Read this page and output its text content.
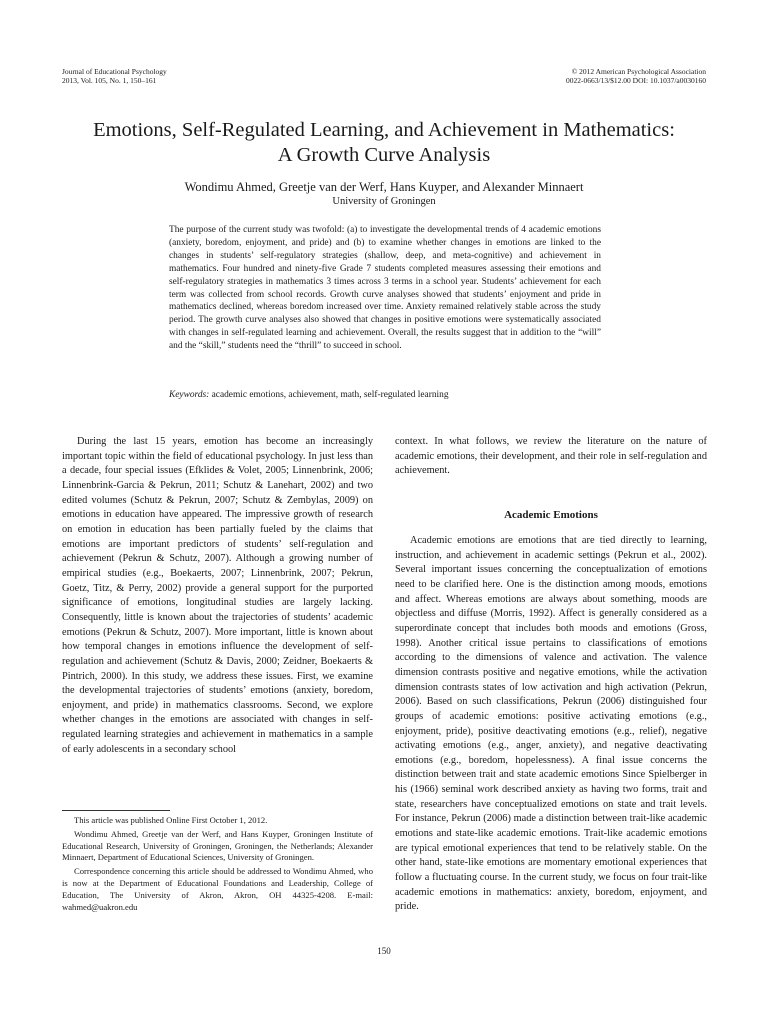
Journal of Educational Psychology
2013, Vol. 105, No. 1, 150–161
© 2012 American Psychological Association
0022-0663/13/$12.00 DOI: 10.1037/a0030160
Emotions, Self-Regulated Learning, and Achievement in Mathematics:
A Growth Curve Analysis
Wondimu Ahmed, Greetje van der Werf, Hans Kuyper, and Alexander Minnaert
University of Groningen
The purpose of the current study was twofold: (a) to investigate the developmental trends of 4 academic emotions (anxiety, boredom, enjoyment, and pride) and (b) to examine whether changes in emotions are linked to the changes in students’ self-regulatory strategies (shallow, deep, and meta-cognitive) and achievement in mathematics. Four hundred and ninety-five Grade 7 students completed measures assessing their emotions and self-regulatory strategies in mathematics 3 times across 3 terms in a school year. Students’ achievement for each term was collected from school records. Growth curve analyses showed that students’ enjoyment and pride in mathematics declined, whereas boredom increased over time. Anxiety remained relatively stable across the study period. The growth curve analyses also showed that changes in positive emotions were systematically associated with changes in self-regulated learning and achievement. Overall, the results suggest that in addition to the “will” and the “skill,” students need the “thrill” to succeed in school.
Keywords: academic emotions, achievement, math, self-regulated learning

During the last 15 years, emotion has become an increasingly important topic within the field of educational psychology. In just less than a decade, four special issues (Efklides & Volet, 2005; Linnenbrink, 2006; Linnenbrink-Garcia & Pekrun, 2011; Schutz & Lanehart, 2002) and two edited volumes (Schutz & Pekrun, 2007; Schutz & Zembylas, 2009) on emotions in education have appeared. The impressive growth of research on emotion in education has been partially fueled by the claims that emotions are important predictors of students’ self-regulation and achievement (Pekrun & Schutz, 2007). Although a growing number of empirical studies (e.g., Boekaerts, 2007; Linnenbrink, 2007; Pekrun, Goetz, Titz, & Perry, 2002) provide a general support for the purported significance of emotions, longitudinal studies are largely lacking. Consequently, little is known about the trajectories of students’ academic emotions (Pekrun & Schutz, 2007). More important, little is known about how temporal changes in emotions influence the development of self-regulation and achievement (Schutz & Davis, 2000; Zeidner, Boekaerts & Pintrich, 2000). In this study, we address these issues. First, we examine the developmental trajectories of students’ emotions (anxiety, boredom, enjoyment, and pride) in mathematics classrooms. Second, we explore whether changes in the emotions are associated with changes in self-regulated learning strategies and achievement in mathematics in a sample of early adolescents in a secondary school

context. In what follows, we review the literature on the nature of academic emotions, their development, and their role in self-regulation and achievement.

Academic Emotions

Academic emotions are emotions that are tied directly to learning, instruction, and achievement in academic settings (Pekrun et al., 2002). Several important issues concerning the conceptualization of emotions need to be clarified here. One is the distinction among moods, emotions and affect. Whereas emotions are always about something, moods are objectless and diffuse (Morris, 1992). Affect is generally considered as a superordinate concept that includes both moods and emotions (Gross, 1998). Another critical issue pertains to classifications of emotions according to the dimensions of valence and activation. The valence dimension contrasts positive and negative emotions, while the activation dimension contrasts states of low activation and high activation (Pekrun, 2006). Based on such classifications, Pekrun (2006) distinguished four groups of academic emotions: positive activating emotions (e.g., enjoyment, pride), positive deactivating emotions (e.g., relief), negative activating emotions (e.g., anger, anxiety), and negative deactivating emotions (e.g., boredom, hopelessness). A final issue concerns the distinction between trait and state academic emotions Since Spielberger in his (1966) seminal work described anxiety as having two forms, trait and state, researchers have conceptualized emotions on state and trait levels. For instance, Pekrun (2006) made a distinction between trait-like academic emotions and state-like academic emotions. Trait-like academic emotions are typical emotional experiences that tend to be relatively stable. On the other hand, state-like emotions are momentary emotional experiences that follow a fluctuating course. In the current study, we focus on four trait-like academic emotions in mathematics: anxiety, boredom, enjoyment, and pride.

This article was published Online First October 1, 2012.

Wondimu Ahmed, Greetje van der Werf, and Hans Kuyper, Groningen Institute of Educational Research, University of Groningen, Groningen, the Netherlands; Alexander Minnaert, Department of Educational Sciences, University of Groningen.

Correspondence concerning this article should be addressed to Wondimu Ahmed, who is now at the Department of Educational Foundations and Leadership, College of Education, The University of Akron, Akron, OH 44325-4208. E-mail: wahmed@uakron.edu

150
